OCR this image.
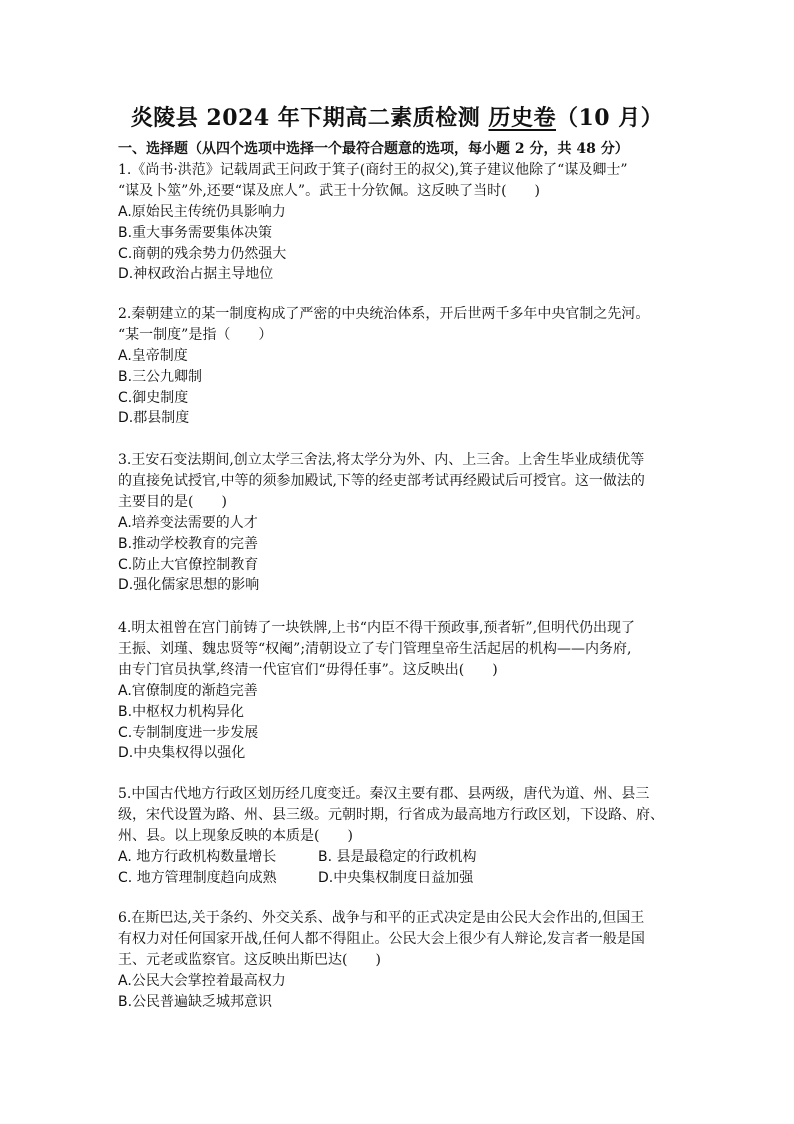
炎陵县 2024 年下期高二素质检测 历史卷（10 月）
一、选择题（从四个选项中选择一个最符合题意的选项，每小题 2 分，共 48 分）
1.《尚书·洪范》记载周武王问政于箕子(商纣王的叔父),箕子建议他除了“谋及卿士”
“谋及卜筮”外,还要“谋及庶人”。武王十分钦佩。这反映了当时(　　)
A.原始民主传统仍具影响力
B.重大事务需要集体决策
C.商朝的残余势力仍然强大
D.神权政治占据主导地位
2.秦朝建立的某一制度构成了严密的中央统治体系，开后世两千多年中央官制之先河。
“某一制度”是指（　　）
A.皇帝制度
B.三公九卿制
C.御史制度
D.郡县制度
3.王安石变法期间,创立太学三舍法,将太学分为外、内、上三舍。上舍生毕业成绩优等
的直接免试授官,中等的须参加殿试,下等的经吏部考试再经殿试后可授官。这一做法的
主要目的是(　　)
A.培养变法需要的人才
B.推动学校教育的完善
C.防止大官僚控制教育
D.强化儒家思想的影响
4.明太祖曾在宫门前铸了一块铁牌,上书“内臣不得干预政事,预者斩”,但明代仍出现了
王振、刘瑾、魏忠贤等“权阉”;清朝设立了专门管理皇帝生活起居的机构——内务府,
由专门官员执掌,终清一代宦官们“毋得任事”。这反映出(　　)
A.官僚制度的渐趋完善
B.中枢权力机构异化
C.专制制度进一步发展
D.中央集权得以强化
5.中国古代地方行政区划历经几度变迁。秦汉主要有郡、县两级，唐代为道、州、县三
级，宋代设置为路、州、县三级。元朝时期，行省成为最高地方行政区划，下设路、府、
州、县。以上现象反映的本质是(　　)
A. 地方行政机构数量增长	B. 县是最稳定的行政机构
C. 地方管理制度趋向成熟	D.中央集权制度日益加强
6.在斯巴达,关于条约、外交关系、战争与和平的正式决定是由公民大会作出的,但国王
有权力对任何国家开战,任何人都不得阻止。公民大会上很少有人辩论,发言者一般是国
王、元老或监察官。这反映出斯巴达(　　)
A.公民大会掌控着最高权力
B.公民普遍缺乏城邦意识
